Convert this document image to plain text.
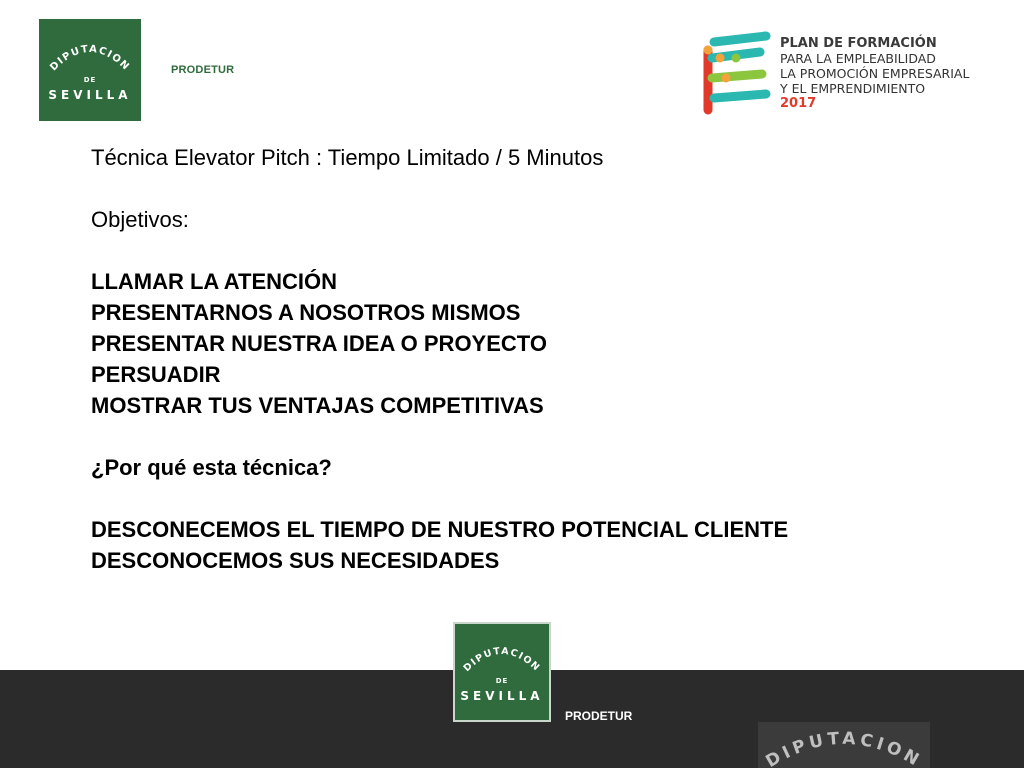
DIPUTACION
DE
SEVILLA
PRODETUR
PLAN DE FORMACIÓN
PARA LA EMPLEABILIDAD
LA PROMOCIÓN EMPRESARIAL
Y EL EMPRENDIMIENTO
2017
Técnica Elevator Pitch : Tiempo Limitado / 5 Minutos
Objetivos:
LLAMAR LA ATENCIÓN
PRESENTARNOS A NOSOTROS MISMOS
PRESENTAR NUESTRA IDEA O PROYECTO
PERSUADIR
MOSTRAR TUS VENTAJAS COMPETITIVAS
¿Por qué esta técnica?
DESCONECEMOS EL TIEMPO DE NUESTRO POTENCIAL CLIENTE
DESCONOCEMOS SUS NECESIDADES
DIPUTACION
DE
SEVILLA
PRODETUR
DIPUTACION
